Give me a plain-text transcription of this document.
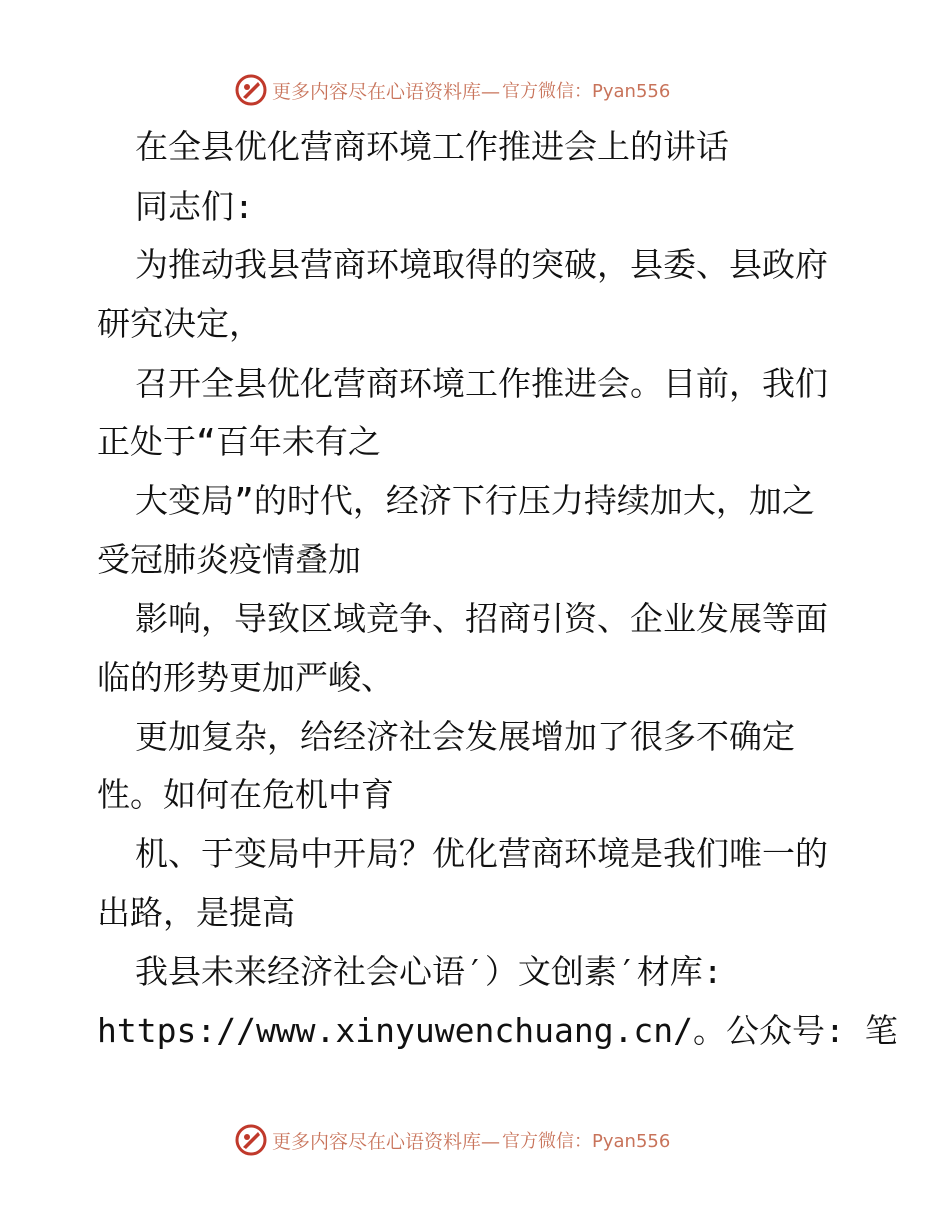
更多内容尽在心语资料库— 官方微信：Pyan556
在全县优化营商环境工作推进会上的讲话
同志们:
为推动我县营商环境取得的突破，县委、县政府
研究决定，
召开全县优化营商环境工作推进会。目前，我们
正处于“百年未有之
大变局”的时代，经济下行压力持续加大，加之
受冠肺炎疫情叠加
影响，导致区域竞争、招商引资、企业发展等面
临的形势更加严峻、
更加复杂，给经济社会发展增加了很多不确定
性。如何在危机中育
机、于变局中开局？优化营商环境是我们唯一的
出路，是提高
我县未来经济社会心语′）文创素′材库:
https://www.xinyuwenchuang.cn/。公众号: 笔
更多内容尽在心语资料库— 官方微信：Pyan556
